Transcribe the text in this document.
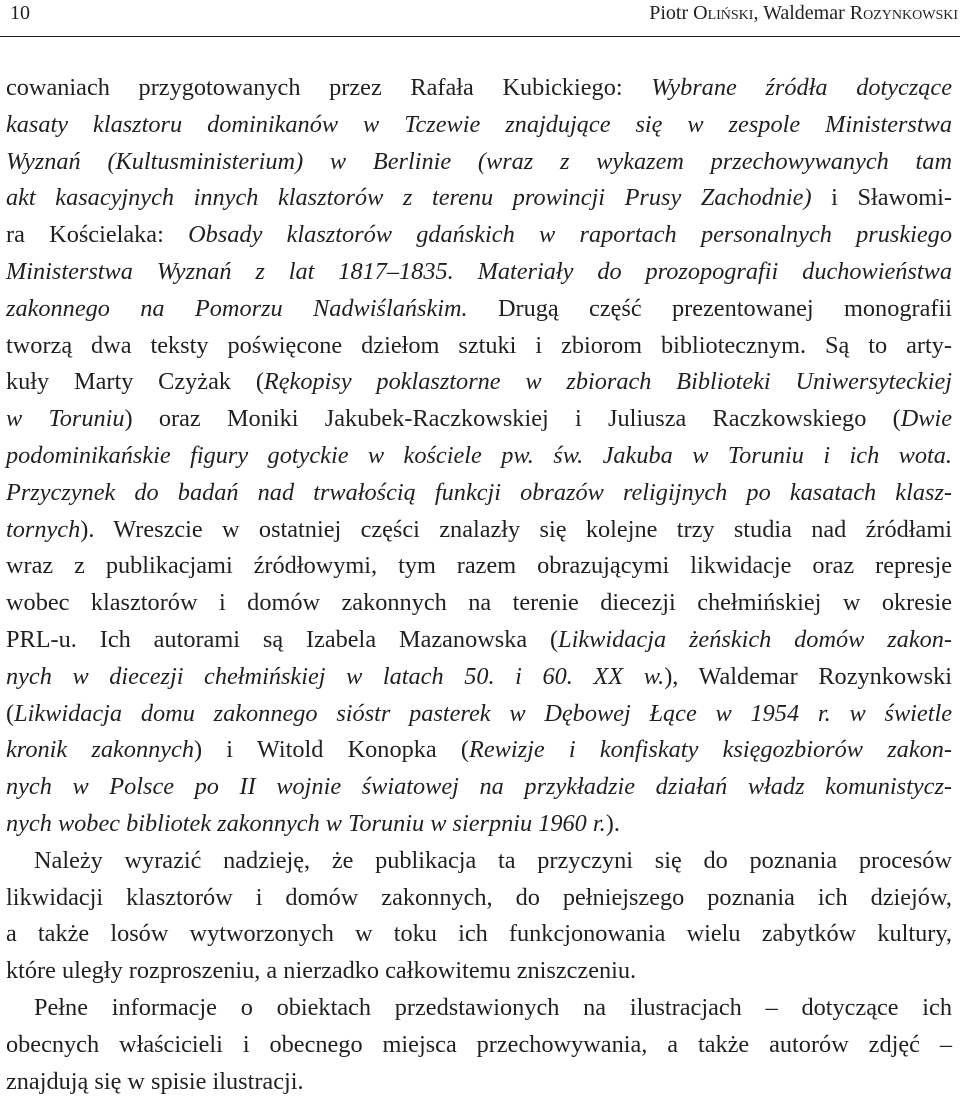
10	Piotr Oliński, Waldemar Rozynkowski
cowaniach przygotowanych przez Rafała Kubickiego: Wybrane źródła dotyczące
kasaty klasztoru dominikanów w Tczewie znajdujące się w zespole Ministerstwa
Wyznań (Kultusministerium) w Berlinie (wraz z wykazem przechowywanych tam
akt kasacyjnych innych klasztorów z terenu prowincji Prusy Zachodnie) i Sławomi-
ra Kościelaka: Obsady klasztorów gdańskich w raportach personalnych pruskiego
Ministerstwa Wyznań z lat 1817–1835. Materiały do prozopografii duchowieństwa
zakonnego na Pomorzu Nadwiślańskim. Drugą część prezentowanej monografii
tworzą dwa teksty poświęcone dziełom sztuki i zbiorom bibliotecznym. Są to arty-
kuły Marty Czyżak (Rękopisy poklasztorne w zbiorach Biblioteki Uniwersyteckiej
w Toruniu) oraz Moniki Jakubek-Raczkowskiej i Juliusza Raczkowskiego (Dwie
podominikańskie figury gotyckie w kościele pw. św. Jakuba w Toruniu i ich wota.
Przyczynek do badań nad trwałością funkcji obrazów religijnych po kasatach klasz-
tornych). Wreszcie w ostatniej części znalazły się kolejne trzy studia nad źródłami
wraz z publikacjami źródłowymi, tym razem obrazującymi likwidacje oraz represje
wobec klasztorów i domów zakonnych na terenie diecezji chełmińskiej w okresie
PRL-u. Ich autorami są Izabela Mazanowska (Likwidacja żeńskich domów zakon-
nych w diecezji chełmińskiej w latach 50. i 60. XX w.), Waldemar Rozynkowski
(Likwidacja domu zakonnego sióstr pasterek w Dębowej Łące w 1954 r. w świetle
kronik zakonnych) i Witold Konopka (Rewizje i konfiskaty księgozbiorów zakon-
nych w Polsce po II wojnie światowej na przykładzie działań władz komunistycz-
nych wobec bibliotek zakonnych w Toruniu w sierpniu 1960 r.).
Należy wyrazić nadzieję, że publikacja ta przyczyni się do poznania procesów
likwidacji klasztorów i domów zakonnych, do pełniejszego poznania ich dziejów,
a także losów wytworzonych w toku ich funkcjonowania wielu zabytków kultury,
które uległy rozproszeniu, a nierzadko całkowitemu zniszczeniu.
Pełne informacje o obiektach przedstawionych na ilustracjach – dotyczące ich
obecnych właścicieli i obecnego miejsca przechowywania, a także autorów zdjęć –
znajdują się w spisie ilustracji.
